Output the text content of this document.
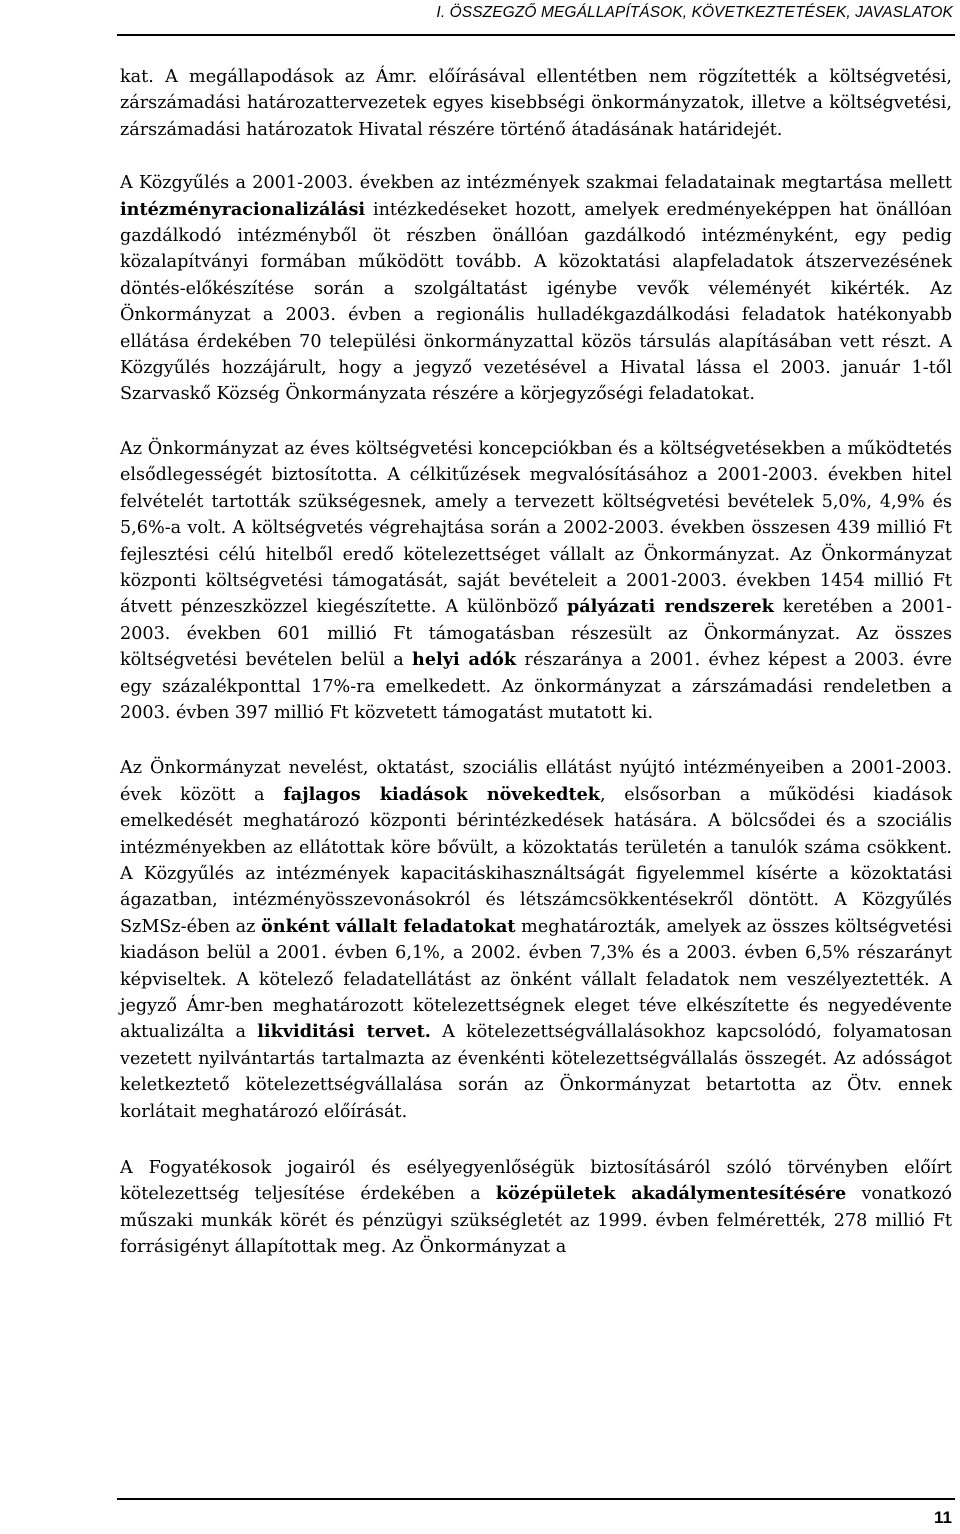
I. ÖSSZEGZŐ MEGÁLLAPÍTÁSOK, KÖVETKEZTETÉSEK, JAVASLATOK

kat. A megállapodások az Ámr. előírásával ellentétben nem rögzítették a költségvetési, zárszámadási határozattervezetek egyes kisebbségi önkormányzatok, illetve a költségvetési, zárszámadási határozatok Hivatal részére történő átadásának határidejét.

A Közgyűlés a 2001-2003. években az intézmények szakmai feladatainak megtartása mellett intézményracionalizálási intézkedéseket hozott, amelyek eredményeképpen hat önállóan gazdálkodó intézményből öt részben önállóan gazdálkodó intézményként, egy pedig közalapítványi formában működött tovább. A közoktatási alapfeladatok átszervezésének döntés-előkészítése során a szolgáltatást igénybe vevők véleményét kikérték. Az Önkormányzat a 2003. évben a regionális hulladékgazdálkodási feladatok hatékonyabb ellátása érdekében 70 települési önkormányzattal közös társulás alapításában vett részt. A Közgyűlés hozzájárult, hogy a jegyző vezetésével a Hivatal lássa el 2003. január 1-től Szarvaskő Község Önkormányzata részére a körjegyzőségi feladatokat.

Az Önkormányzat az éves költségvetési koncepciókban és a költségvetésekben a működtetés elsődlegességét biztosította. A célkitűzések megvalósításához a 2001-2003. években hitel felvételét tartották szükségesnek, amely a tervezett költségvetési bevételek 5,0%, 4,9% és 5,6%-a volt. A költségvetés végrehajtása során a 2002-2003. években összesen 439 millió Ft fejlesztési célú hitelből eredő kötelezettséget vállalt az Önkormányzat. Az Önkormányzat központi költségvetési támogatását, saját bevételeit a 2001-2003. években 1454 millió Ft átvett pénzeszközzel kiegészítette. A különböző pályázati rendszerek keretében a 2001-2003. években 601 millió Ft támogatásban részesült az Önkormányzat. Az összes költségvetési bevételen belül a helyi adók részaránya a 2001. évhez képest a 2003. évre egy százalékponttal 17%-ra emelkedett. Az önkormányzat a zárszámadási rendeletben a 2003. évben 397 millió Ft közvetett támogatást mutatott ki.

Az Önkormányzat nevelést, oktatást, szociális ellátást nyújtó intézményeiben a 2001-2003. évek között a fajlagos kiadások növekedtek, elsősorban a működési kiadások emelkedését meghatározó központi bérintézkedések hatására. A bölcsődei és a szociális intézményekben az ellátottak köre bővült, a közoktatás területén a tanulók száma csökkent. A Közgyűlés az intézmények kapacitáskihasználtságát figyelemmel kísérte a közoktatási ágazatban, intézményösszevonásokról és létszámcsökkentésekről döntött. A Közgyűlés SzMSz-ében az önként vállalt feladatokat meghatározták, amelyek az összes költségvetési kiadáson belül a 2001. évben 6,1%, a 2002. évben 7,3% és a 2003. évben 6,5% részarányt képviseltek. A kötelező feladatellátást az önként vállalt feladatok nem veszélyeztették. A jegyző Ámr-ben meghatározott kötelezettségnek eleget téve elkészítette és negyedévente aktualizálta a likviditási tervet. A kötelezettségvállalásokhoz kapcsolódó, folyamatosan vezetett nyilvántartás tartalmazta az évenkénti kötelezettségvállalás összegét. Az adósságot keletkeztető kötelezettségvállalása során az Önkormányzat betartotta az Ötv. ennek korlátait meghatározó előírását.

A Fogyatékosok jogairól és esélyegyenlőségük biztosításáról szóló törvényben előírt kötelezettség teljesítése érdekében a középületek akadálymentesítésére vonatkozó műszaki munkák körét és pénzügyi szükségletét az 1999. évben felmérették, 278 millió Ft forrásigényt állapítottak meg. Az Önkormányzat a

11
